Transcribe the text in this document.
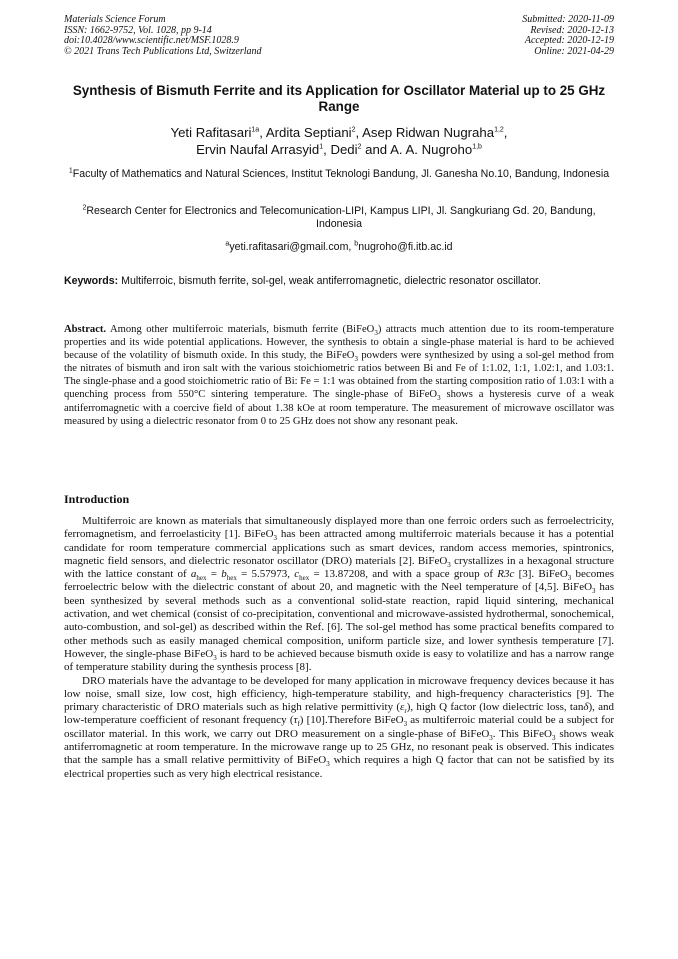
Materials Science Forum
ISSN: 1662-9752, Vol. 1028, pp 9-14
doi:10.4028/www.scientific.net/MSF.1028.9
© 2021 Trans Tech Publications Ltd, Switzerland
Submitted: 2020-11-09
Revised: 2020-12-13
Accepted: 2020-12-19
Online: 2021-04-29
Synthesis of Bismuth Ferrite and its Application for Oscillator Material up to 25 GHz Range
Yeti Rafitasari$^{1a}$, Ardita Septiani$^2$, Asep Ridwan Nugraha$^{1,2}$,
Ervin Naufal Arrasyid$^1$, Dedi$^2$ and A. A. Nugroho$^{1,b}$
$^1$Faculty of Mathematics and Natural Sciences, Institut Teknologi Bandung, Jl. Ganesha No.10, Bandung, Indonesia
$^2$Research Center for Electronics and Telecomunication-LIPI, Kampus LIPI, Jl. Sangkuriang Gd. 20, Bandung, Indonesia
$^a$yeti.rafitasari@gmail.com, $^b$nugroho@fi.itb.ac.id
Keywords: Multiferroic, bismuth ferrite, sol-gel, weak antiferromagnetic, dielectric resonator oscillator.
Abstract. Among other multiferroic materials, bismuth ferrite (BiFeO$_3$) attracts much attention due to its room-temperature properties and its wide potential applications. However, the synthesis to obtain a single-phase material is hard to be achieved because of the volatility of bismuth oxide. In this study, the BiFeO$_3$ powders were synthesized by using a sol-gel method from the nitrates of bismuth and iron salt with the various stoichiometric ratios between Bi and Fe of 1:1.02, 1:1, 1.02:1, and 1.03:1. The single-phase and a good stoichiometric ratio of Bi: Fe = 1:1 was obtained from the starting composition ratio of 1.03:1 with a quenching process from 550°C sintering temperature. The single-phase of BiFeO$_3$ shows a hysteresis curve of a weak antiferromagnetic with a coercive field of about 1.38 kOe at room temperature. The measurement of microwave oscillator was measured by using a dielectric resonator from 0 to 25 GHz does not show any resonant peak.
Introduction

Multiferroic are known as materials that simultaneously displayed more than one ferroic orders such as ferroelectricity, ferromagnetism, and ferroelasticity [1]. BiFeO$_3$ has been attracted among multiferroic materials because it has a potential candidate for room temperature commercial applications such as smart devices, random access memories, spintronics, magnetic field sensors, and dielectric resonator oscillator (DRO) materials [2]. BiFeO$_3$ crystallizes in a hexagonal structure with the lattice constant of $a_{hex} = b_{hex} = 5.57973$, $c_{hex} = 13.87208$, and with a space group of R3c [3]. BiFeO$_3$ becomes ferroelectric below with the dielectric constant of about 20, and magnetic with the Neel temperature of [4,5]. BiFeO$_3$ has been synthesized by several methods such as a conventional solid-state reaction, rapid liquid sintering, mechanical activation, and wet chemical (consist of co-precipitation, conventional and microwave-assisted hydrothermal, sonochemical, auto-combustion, and sol-gel) as described within the Ref. [6]. The sol-gel method has some practical benefits compared to other methods such as easily managed chemical composition, uniform particle size, and lower synthesis temperature [7]. However, the single-phase BiFeO$_3$ is hard to be achieved because bismuth oxide is easy to volatilize and has a narrow range of temperature stability during the synthesis process [8].

DRO materials have the advantage to be developed for many application in microwave frequency devices because it has low noise, small size, low cost, high efficiency, high-temperature stability, and high-frequency characteristics [9]. The primary characteristic of DRO materials such as high relative permittivity $(\varepsilon_r)$, high Q factor (low dielectric loss, tanδ), and low-temperature coefficient of resonant frequency $(\tau_f)$ [10].Therefore BiFeO$_3$ as multiferroic material could be a subject for oscillator material. In this work, we carry out DRO measurement on a single-phase of BiFeO$_3$. This BiFeO$_3$ shows weak antiferromagnetic at room temperature. In the microwave range up to 25 GHz, no resonant peak is observed. This indicates that the sample has a small relative permittivity of BiFeO$_3$ which requires a high Q factor that can not be satisfied by its electrical properties such as very high electrical resistance.
